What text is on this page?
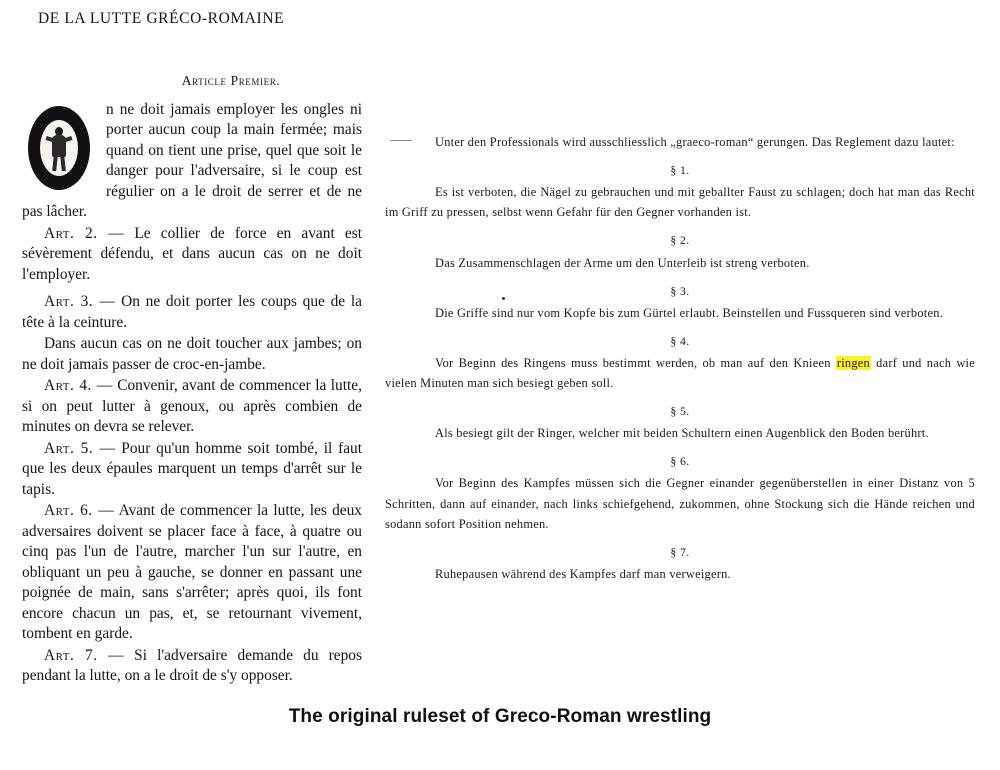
DE LA LUTTE GRÉCO-ROMAINE
Article Premier.
n ne doit jamais employer les ongles ni porter aucun coup la main fermée; mais quand on tient une prise, quel que soit le danger pour l'adversaire, si le coup est régulier on a le droit de serrer et de ne pas lâcher.
Art. 2. — Le collier de force en avant est sévèrement défendu, et dans aucun cas on ne doit l'employer.
Art. 3. — On ne doit porter les coups que de la tête à la ceinture.
Dans aucun cas on ne doit toucher aux jambes; on ne doit jamais passer de croc-en-jambe.
Art. 4. — Convenir, avant de commencer la lutte, si on peut lutter à genoux, ou après combien de minutes on devra se relever.
Art. 5. — Pour qu'un homme soit tombé, il faut que les deux épaules marquent un temps d'arrêt sur le tapis.
Art. 6. — Avant de commencer la lutte, les deux adversaires doivent se placer face à face, à quatre ou cinq pas l'un de l'autre, marcher l'un sur l'autre, en obliquant un peu à gauche, se donner en passant une poignée de main, sans s'arrêter; après quoi, ils font encore chacun un pas, et, se retournant vivement, tombent en garde.
Art. 7. — Si l'adversaire demande du repos pendant la lutte, on a le droit de s'y opposer.

Unter den Professionals wird ausschliesslich „graeco-roman“ gerungen. Das Reglement dazu lautet:

§ 1.

Es ist verboten, die Nägel zu gebrauchen und mit geballter Faust zu schlagen; doch hat man das Recht im Griff zu pressen, selbst wenn Gefahr für den Gegner vorhanden ist.

§ 2.

Das Zusammenschlagen der Arme um den Unterleib ist streng verboten.

§ 3.

Die Griffe sind nur vom Kopfe bis zum Gürtel erlaubt. Beinstellen und Fussqueren sind verboten.

§ 4.

Vor Beginn des Ringens muss bestimmt werden, ob man auf den Knieen ringen darf und nach wie vielen Minuten man sich besiegt geben soll.

§ 5.

Als besiegt gilt der Ringer, welcher mit beiden Schultern einen Augenblick den Boden berührt.

§ 6.

Vor Beginn des Kampfes müssen sich die Gegner einander gegenüberstellen in einer Distanz von 5 Schritten, dann auf einander, nach links schiefgehend, zukommen, ohne Stockung sich die Hände reichen und sodann sofort Position nehmen.

§ 7.

Ruhepausen während des Kampfes darf man verweigern.

The original ruleset of Greco-Roman wrestling
